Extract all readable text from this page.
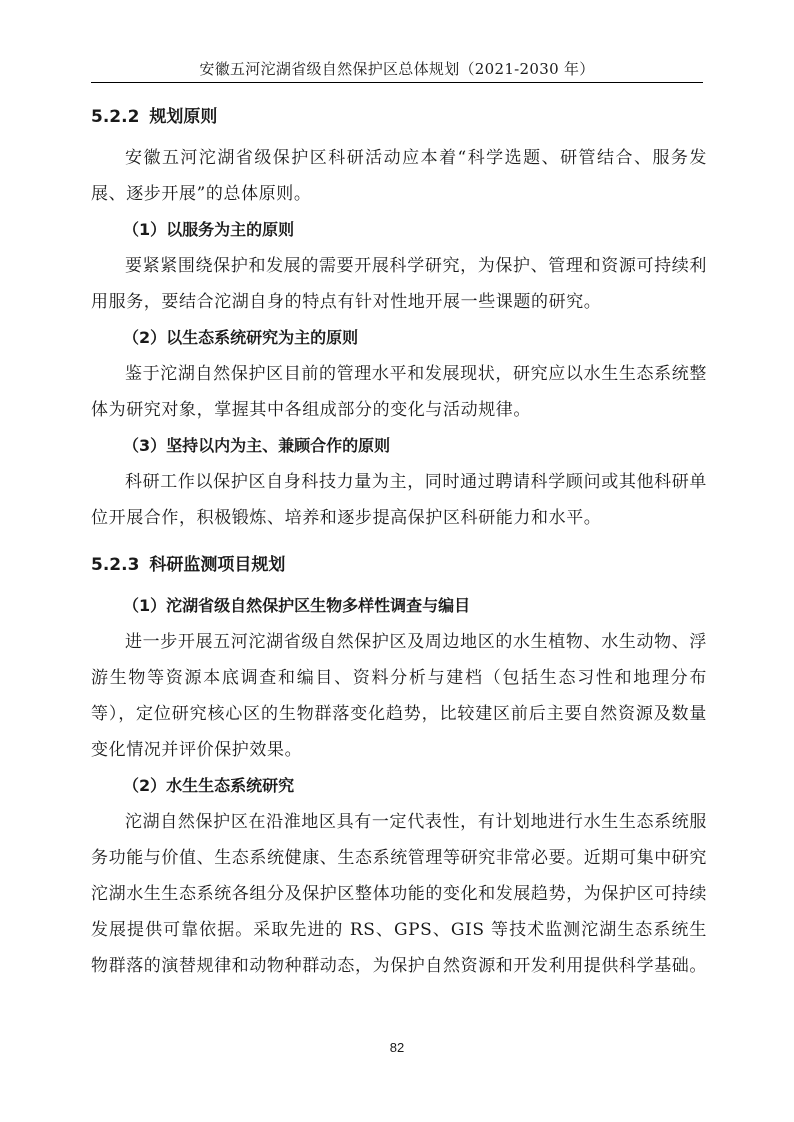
安徽五河沱湖省级自然保护区总体规划（2021-2030 年）
5.2.2 规划原则

安徽五河沱湖省级保护区科研活动应本着“科学选题、研管结合、服务发展、逐步开展”的总体原则。

（1）以服务为主的原则

要紧紧围绕保护和发展的需要开展科学研究，为保护、管理和资源可持续利用服务，要结合沱湖自身的特点有针对性地开展一些课题的研究。

（2）以生态系统研究为主的原则

鉴于沱湖自然保护区目前的管理水平和发展现状，研究应以水生生态系统整体为研究对象，掌握其中各组成部分的变化与活动规律。

（3）坚持以内为主、兼顾合作的原则

科研工作以保护区自身科技力量为主，同时通过聘请科学顾问或其他科研单位开展合作，积极锻炼、培养和逐步提高保护区科研能力和水平。

5.2.3 科研监测项目规划
（1）沱湖省级自然保护区生物多样性调查与编目

进一步开展五河沱湖省级自然保护区及周边地区的水生植物、水生动物、浮游生物等资源本底调查和编目、资料分析与建档（包括生态习性和地理分布等），定位研究核心区的生物群落变化趋势，比较建区前后主要自然资源及数量变化情况并评价保护效果。

（2）水生生态系统研究

沱湖自然保护区在沿淮地区具有一定代表性，有计划地进行水生生态系统服务功能与价值、生态系统健康、生态系统管理等研究非常必要。近期可集中研究沱湖水生生态系统各组分及保护区整体功能的变化和发展趋势，为保护区可持续发展提供可靠依据。采取先进的 RS、GPS、GIS 等技术监测沱湖生态系统生物群落的演替规律和动物种群动态，为保护自然资源和开发利用提供科学基础。

82
